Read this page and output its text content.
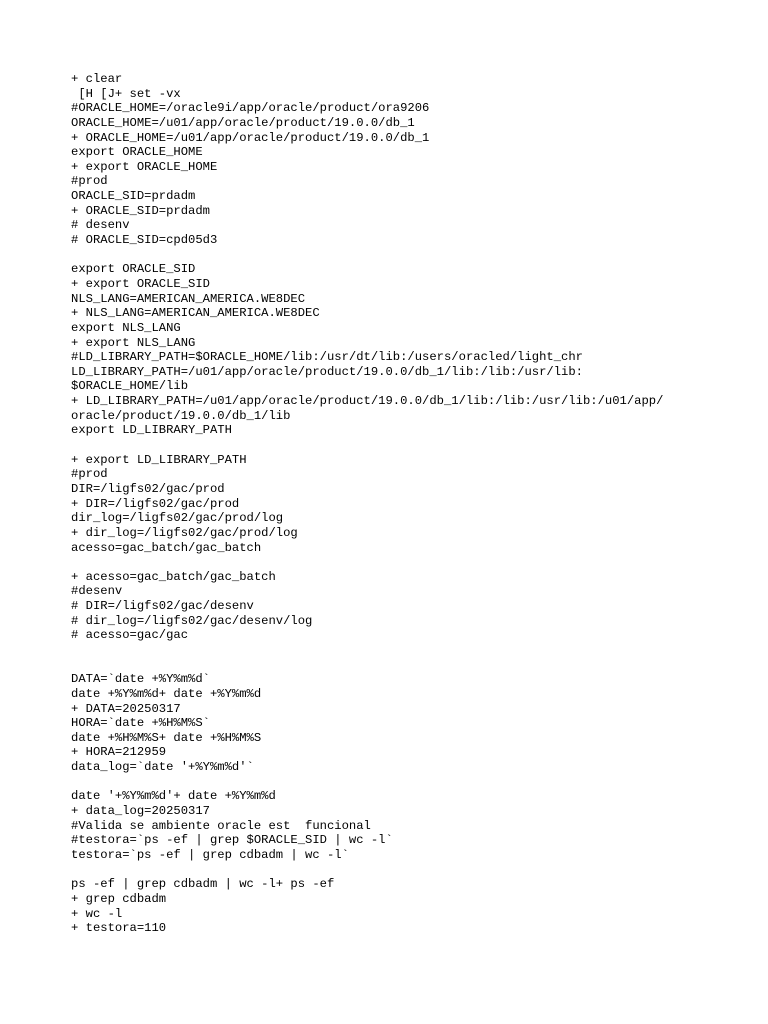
+ clear
[H [J+ set -vx
#ORACLE_HOME=/oracle9i/app/oracle/product/ora9206
ORACLE_HOME=/u01/app/oracle/product/19.0.0/db_1
+ ORACLE_HOME=/u01/app/oracle/product/19.0.0/db_1
export ORACLE_HOME
+ export ORACLE_HOME
#prod
ORACLE_SID=prdadm
+ ORACLE_SID=prdadm
# desenv
# ORACLE_SID=cpd05d3

export ORACLE_SID
+ export ORACLE_SID
NLS_LANG=AMERICAN_AMERICA.WE8DEC
+ NLS_LANG=AMERICAN_AMERICA.WE8DEC
export NLS_LANG
+ export NLS_LANG
#LD_LIBRARY_PATH=$ORACLE_HOME/lib:/usr/dt/lib:/users/oracled/light_chr
LD_LIBRARY_PATH=/u01/app/oracle/product/19.0.0/db_1/lib:/lib:/usr/lib:
$ORACLE_HOME/lib
+ LD_LIBRARY_PATH=/u01/app/oracle/product/19.0.0/db_1/lib:/lib:/usr/lib:/u01/app/
oracle/product/19.0.0/db_1/lib
export LD_LIBRARY_PATH

+ export LD_LIBRARY_PATH
#prod
DIR=/ligfs02/gac/prod
+ DIR=/ligfs02/gac/prod
dir_log=/ligfs02/gac/prod/log
+ dir_log=/ligfs02/gac/prod/log
acesso=gac_batch/gac_batch

+ acesso=gac_batch/gac_batch
#desenv
# DIR=/ligfs02/gac/desenv
# dir_log=/ligfs02/gac/desenv/log
# acesso=gac/gac

DATA=`date +%Y%m%d`
date +%Y%m%d+ date +%Y%m%d
+ DATA=20250317
HORA=`date +%H%M%S`
date +%H%M%S+ date +%H%M%S
+ HORA=212959
data_log=`date '+%Y%m%d'`

date '+%Y%m%d'+ date +%Y%m%d
+ data_log=20250317
#Valida se ambiente oracle est  funcional
#testora=`ps -ef | grep $ORACLE_SID | wc -l`
testora=`ps -ef | grep cdbadm | wc -l`

ps -ef | grep cdbadm | wc -l+ ps -ef
+ grep cdbadm
+ wc -l
+ testora=110
